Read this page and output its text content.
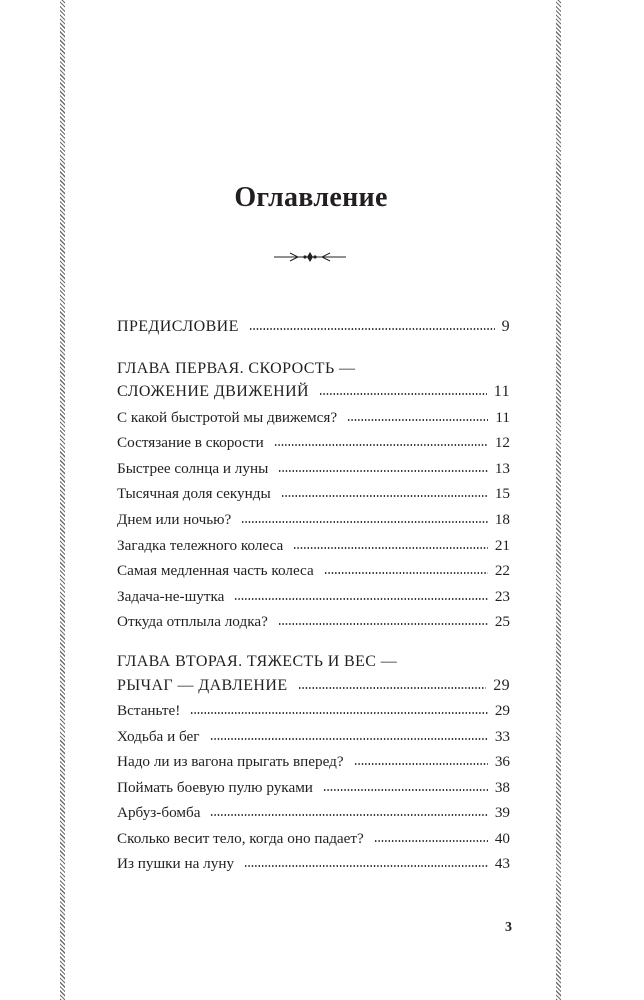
Оглавление
ПРЕДИСЛОВИЕ	9
ГЛАВА ПЕРВАЯ. СКОРОСТЬ —
СЛОЖЕНИЕ ДВИЖЕНИЙ	11
С какой быстротой мы движемся?	11
Состязание в скорости	12
Быстрее солнца и луны	13
Тысячная доля секунды	15
Днем или ночью?	18
Загадка тележного колеса	21
Самая медленная часть колеса	22
Задача-не-шутка	23
Откуда отплыла лодка?	25
ГЛАВА ВТОРАЯ. ТЯЖЕСТЬ И ВЕС —
РЫЧАГ — ДАВЛЕНИЕ	29
Встаньте!	29
Ходьба и бег	33
Надо ли из вагона прыгать вперед?	36
Поймать боевую пулю руками	38
Арбуз-бомба	39
Сколько весит тело, когда оно падает?	40
Из пушки на луну	43
3
